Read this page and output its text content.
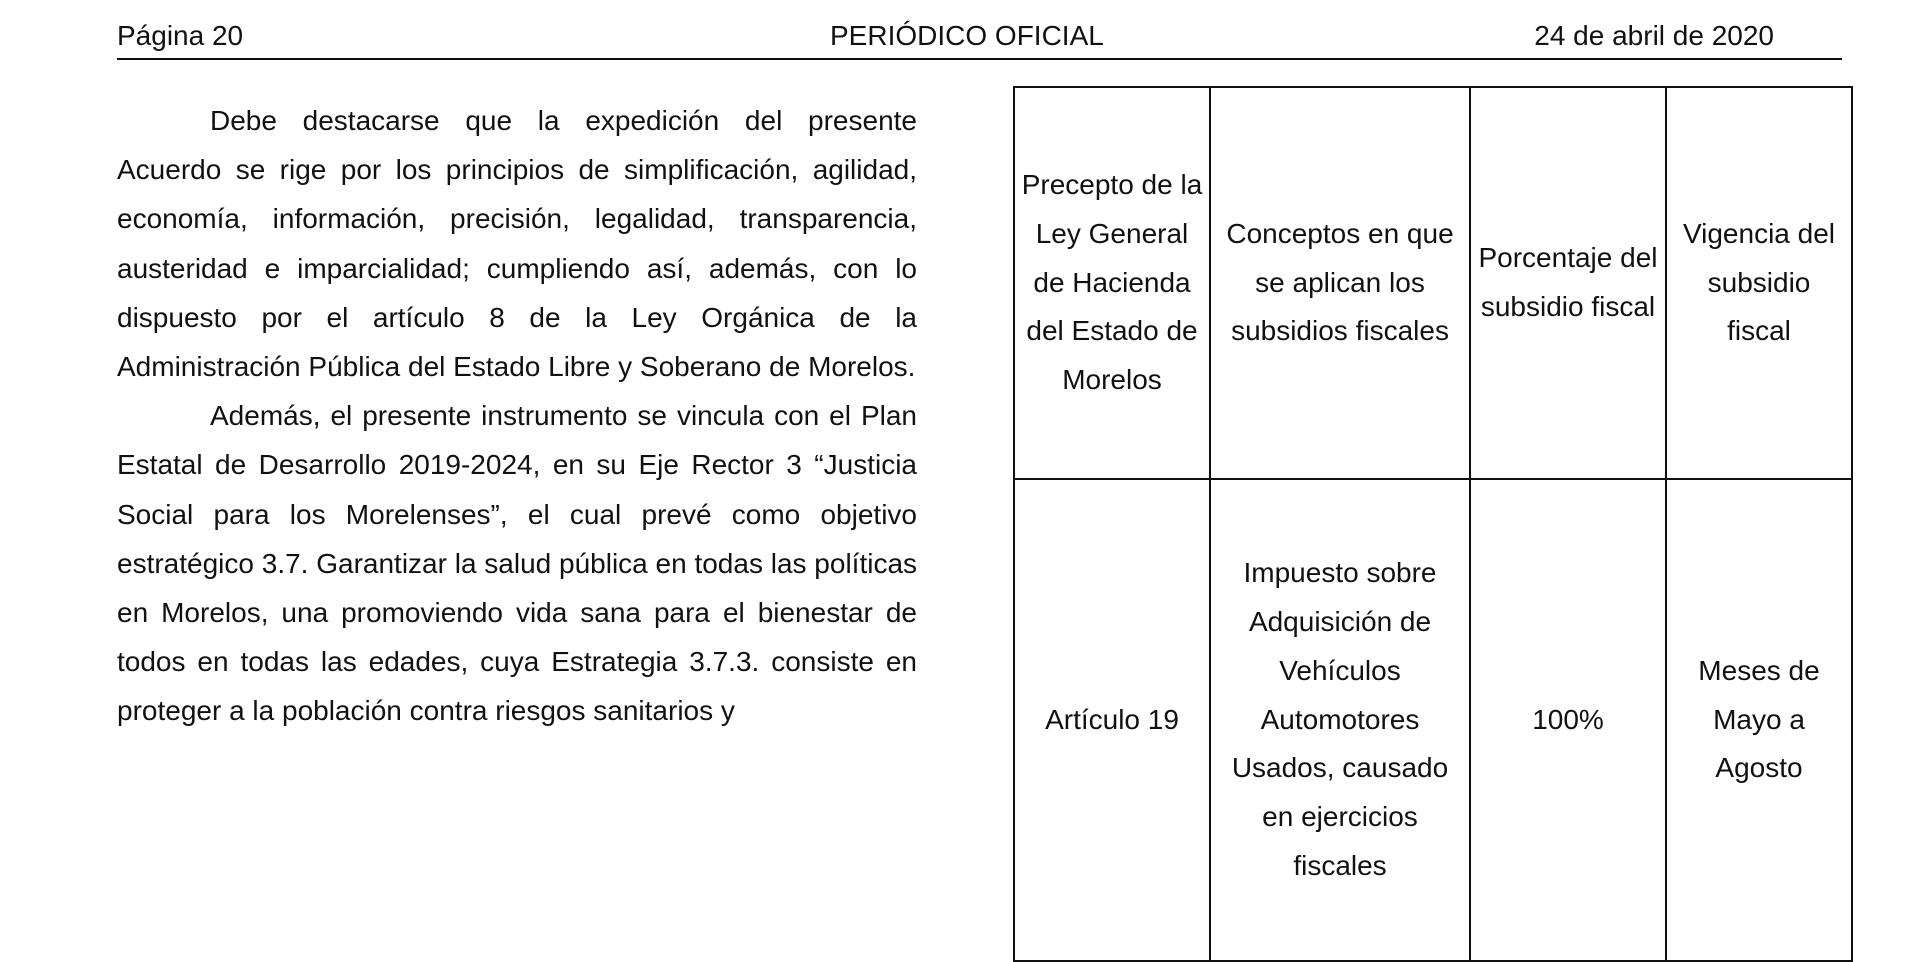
Página 20	PERIÓDICO OFICIAL	24 de abril de 2020

Debe destacarse que la expedición del presente Acuerdo se rige por los principios de simplificación, agilidad, economía, información, precisión, legalidad, transparencia, austeridad e imparcialidad; cumpliendo así, además, con lo dispuesto por el artículo 8 de la Ley Orgánica de la Administración Pública del Estado Libre y Soberano de Morelos.

Además, el presente instrumento se vincula con el Plan Estatal de Desarrollo 2019-2024, en su Eje Rector 3 “Justicia Social para los Morelenses”, el cual prevé como objetivo estratégico 3.7. Garantizar la salud pública en todas las políticas en Morelos, una promoviendo vida sana para el bienestar de todos en todas las edades, cuya Estrategia 3.7.3. consiste en proteger a la población contra riesgos sanitarios y

Precepto de la Ley General de Hacienda del Estado de Morelos	Conceptos en que se aplican los subsidios fiscales	Porcentaje del subsidio fiscal	Vigencia del subsidio fiscal
Artículo 19	Impuesto sobre Adquisición de Vehículos Automotores Usados, causado en ejercicios fiscales	100%	Meses de Mayo a Agosto
